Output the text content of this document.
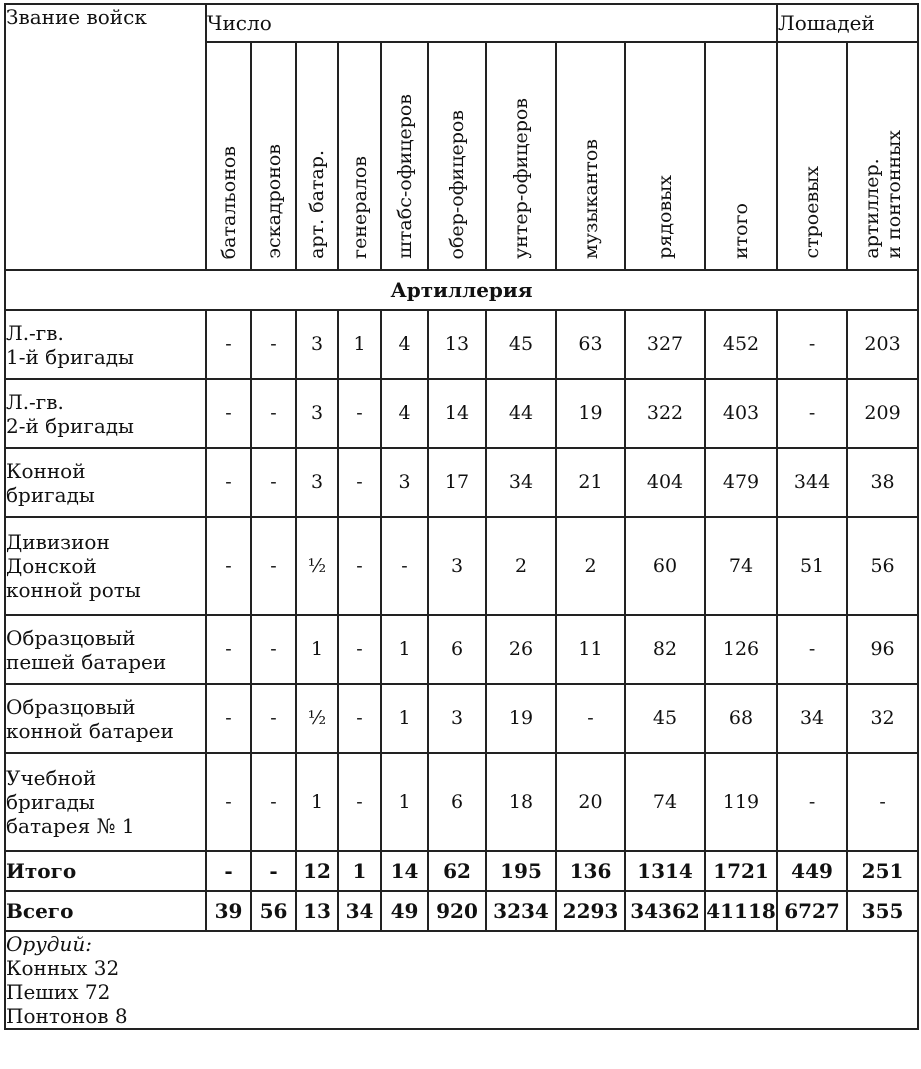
Звание войск	Число										Лошадей	

	батальонов	эскадронов	арт. батар.	генералов	штабс-офицеров	обер-офицеров	унтер-офицеров	музыкантов	рядовых	итого	строевых	артиллер.
и понтонных

Артиллерия												

Л.-гв.
1-й бригады	-	-	3	1	4	13	45	63	327	452	-	203

Л.-гв.
2-й бригады	-	-	3	-	4	14	44	19	322	403	-	209

Конной
бригады	-	-	3	-	3	17	34	21	404	479	344	38

Дивизион
Донской
конной роты	-	-	½	-	-	3	2	2	60	74	51	56

Образцовый
пешей батареи	-	-	1	-	1	6	26	11	82	126	-	96

Образцовый
конной батареи	-	-	½	-	1	3	19	-	45	68	34	32

Учебной
бригады
батарея № 1	-	-	1	-	1	6	18	20	74	119	-	-
Итого	-	-	12	1	14	62	195	136	1314	1721	449	251
Всего	39	56	13	34	49	920	3234	2293	34362	41118	6727	355

Орудий:
Конных 32
Пеших 72
Понтонов 8												
